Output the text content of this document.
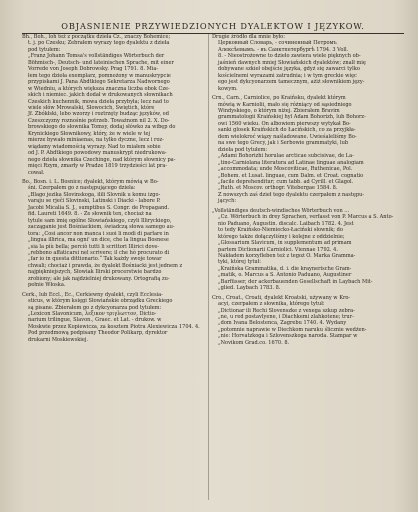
OBJASNIENIE PRZYWIEDZIONYCH DYALEKTOW I JĘZYKOW.

Bh., Boh., loh też z początku dzieła Cz., znaczy Bohemice;

t. j. po Czesku; Zebrałem wyrazy tego dyalektu z dzieła

pod tytułem:

„Franz Johann Tomsa's vollständiges Wörterbuch der

Böhmisch-, Deutsch- und lateinischen Sprache, mit einer

Vorrede von Joseph Dobrowsky. Prag 1791. 8. Mia-

łem tego dzieła exemplarz, pomnożony w manuskrypcie

przypiskami J. Pana Abdtkiego Sekretarza Nadwornego

w Wiedniu, a których większa znaczna liczba obok Cze-

skich i niemiec. jakich dodał w drukowanych słownikach

Czeskich kuchennik, mowa dzieła przybyła; lecz nad to

wiele słów Mrowalski, Słowocich, Swiętich, które

Jf. Zbókłski, lebo wzorzy i roztrzęty budząc języków, od

Czeszczyzny roznośnie potrzeb. Toważnom nil 2. X. Do-

browskiego do słownika Tomsy, dodaj słówko za wibęp do

Krynickiego Słownikowy, który, że w wiele w tej

mierze bywało miniaenas, na tylko dyczne, lecz i roz-

wiądamy wiadomością wyrazy. Nad to miałem sobie

od J. P. Abdtkiego powodowy manuskrypt niedrukowa-

nego dzieła słownika Czechinge, nad którym słownicy pa-

mięci Rzym, zmarły w Pradze 1819 trzydzieści lat pra-

cował.

Bo., Bosn. i. L. Bosnice; dyalekt, którym mówią w Bo-

śni. Czerpałem go z następującego dzieła:

„Blago jezika Slovinskoga, ilili Slovnik u komu izgo-

varaju se rječi Slovinski, Latinski i Diacki - labore P.

Jacobi Micalia S. J., sumptibus S. Congr. de Propagand.

fid. Laureti 1649. 8. - Ze słownik ten, chociaż na

tytule sam imię ogólne Słowiańskiego, czyli Illiryckiego,

zacząganie jest Bośniackiem, świadczą słowa samego au-

tora: „Cosi ancor non manca i suoi li modi di parlare in

„lingua illirica, ma ogni' un dice, che la lingua Bosnese

„sia la più bella; perciò tutti li scrittori Illirici dove-

„rebbono affaticarsi nel scrivere; il che hò procurato di

„far io in questa dittionario.“ Tak każdy swoje towar

chwali; chociaż i prawda, że dyalekt Bośniacki jest jednem z

najpiękniejszych, Słowiak Ilirski procerstwie bardzo

zrobiony; ale jak najdzielniej drukowany. Ortografią zu-

pełnie Włoska.

Cerk., lub Eccl., Ec., Cerkiewny dyalekt, czyli Ecclesia-

sticus, w którym księgi Słowiańskie obrządku Greckiego

są pisane. Zbierałem go z dykcyonarza pod tytułem:

„Lexicon Slavonicum, λεξικον τριγλωττον, Dictio-

narium trilingue, Slavon., Graec. et Lat. - drukow. w

Moskwie przez Kopiewicza, za kosztem Piotra Alexiewicza 1704. 4.

Pod przedmową podpisany Theodor Polikarp, dyrektor

drukarni Moskiewskiej.

Drugie źródło dla mnie było:

Церковный Словарь, - сочиненный Петромъ

Алексѣевымъ. - въ Санктпетербургѣ 1794. 3 Voll.

8. - Nieostrożowne to dzieło zawiera wiele pięknych ob-

jaśnień dawnych mniej Słowiańskich dyalektów; znalł mię

dobywane szkieł obejście języka, gdyż się zawarci tylko

kościelnemi wyrazami zatrudnia; i w tym greckie więc

ego jest dykcyonarzem tamecznym, ażiż słownikiem języ-

kowym.

Crn., Carn., Carniolice, po Kraińsku, dyalekt którym

mówią w Karniolii, mało się różniący od sąsiedniego

Windyskiego, o którym niżej. Zbierałem Bravim

grammatologii Kraińskiej hyl Adam Bohorizh, lub Bohorz-

owi 1560 wieku. On albowiem pierwszy wytykał Bo-

sanki glosek Kraińskich do Łacińskich, co za przyjkła-

dem wielokroć wiązy naśladowane. Uwieśaleliśmy Bo-

na swe tego Grecy, jak i Serbowie grammatyki, lub

dzieła pod tytułem:

„Adami Bohorizhi horulae arcticae subcisivae, de La-

„tino-Carniolana literatura ad Latinae linguae analogiam

„accommodata; unde Moscoviticae, Ruthenicae, Pol.

„Bohem. et Lusat. linguae, cum Dalm. et Croat. cognatio

„facile deprehenditur; cum tabb. ad Cyrill. et Glagol.

„Ruth. et Moscov. orthogr. Vitebergae 1584. 8.

Z nowszych zaś dzieł tego dyalektu czerpałem z następu-

jących:

„Vollständiges deutsch-windisches Wörterbuch von ...

„Cz. Wörterbuch in drey Sprachen, verfasst von P. Marcus a S. Anto-

nio Paduano, Augustin. discalc. Laibach 1782. 4. Jest

to tedy Kraińsko-Niemiecko-Łaciński słownik; do

którego także dołączyliśmy i kolejne z oddzielnie;

„Glossarium Slavicum, in supplementum ad primam

partem Dictionarii Carniolici. Viennae 1792. 4.

Nakładem korzyfleben też z tegoż O. Marka Gramma-

tyki, której tytuł:

„Kraińska Grammatika, d. i. die kraynerische Gram-

„matik, o. Marcus a S. Antonio Paduano, Augustiner

„Barfüsser, der ackerbauenden Gesellschaft in Laybach Mit-

„glied. Laybach 1783. 8.

Cro., Croat., Croati, dyalekt Kroatski, używany w Kro-

acyi, czerpałem z słownika, którego tytuł:

„Dictionar ili Rechi Slovenszke z vexega szkup zebra-

„ne, u red postavlyene, i Diachkemi zlahkotene; trur-

„dom Ivana Belostenca, Zagrebu 1740. 4. Wydany

„potomnie naprawie w Diechkom naruku ślicznie wedżen-

„nie: Horvatzkoga i Szlovenszkoga naroda. Stampar w

„Novikom Grad.co. 1670. 8.
